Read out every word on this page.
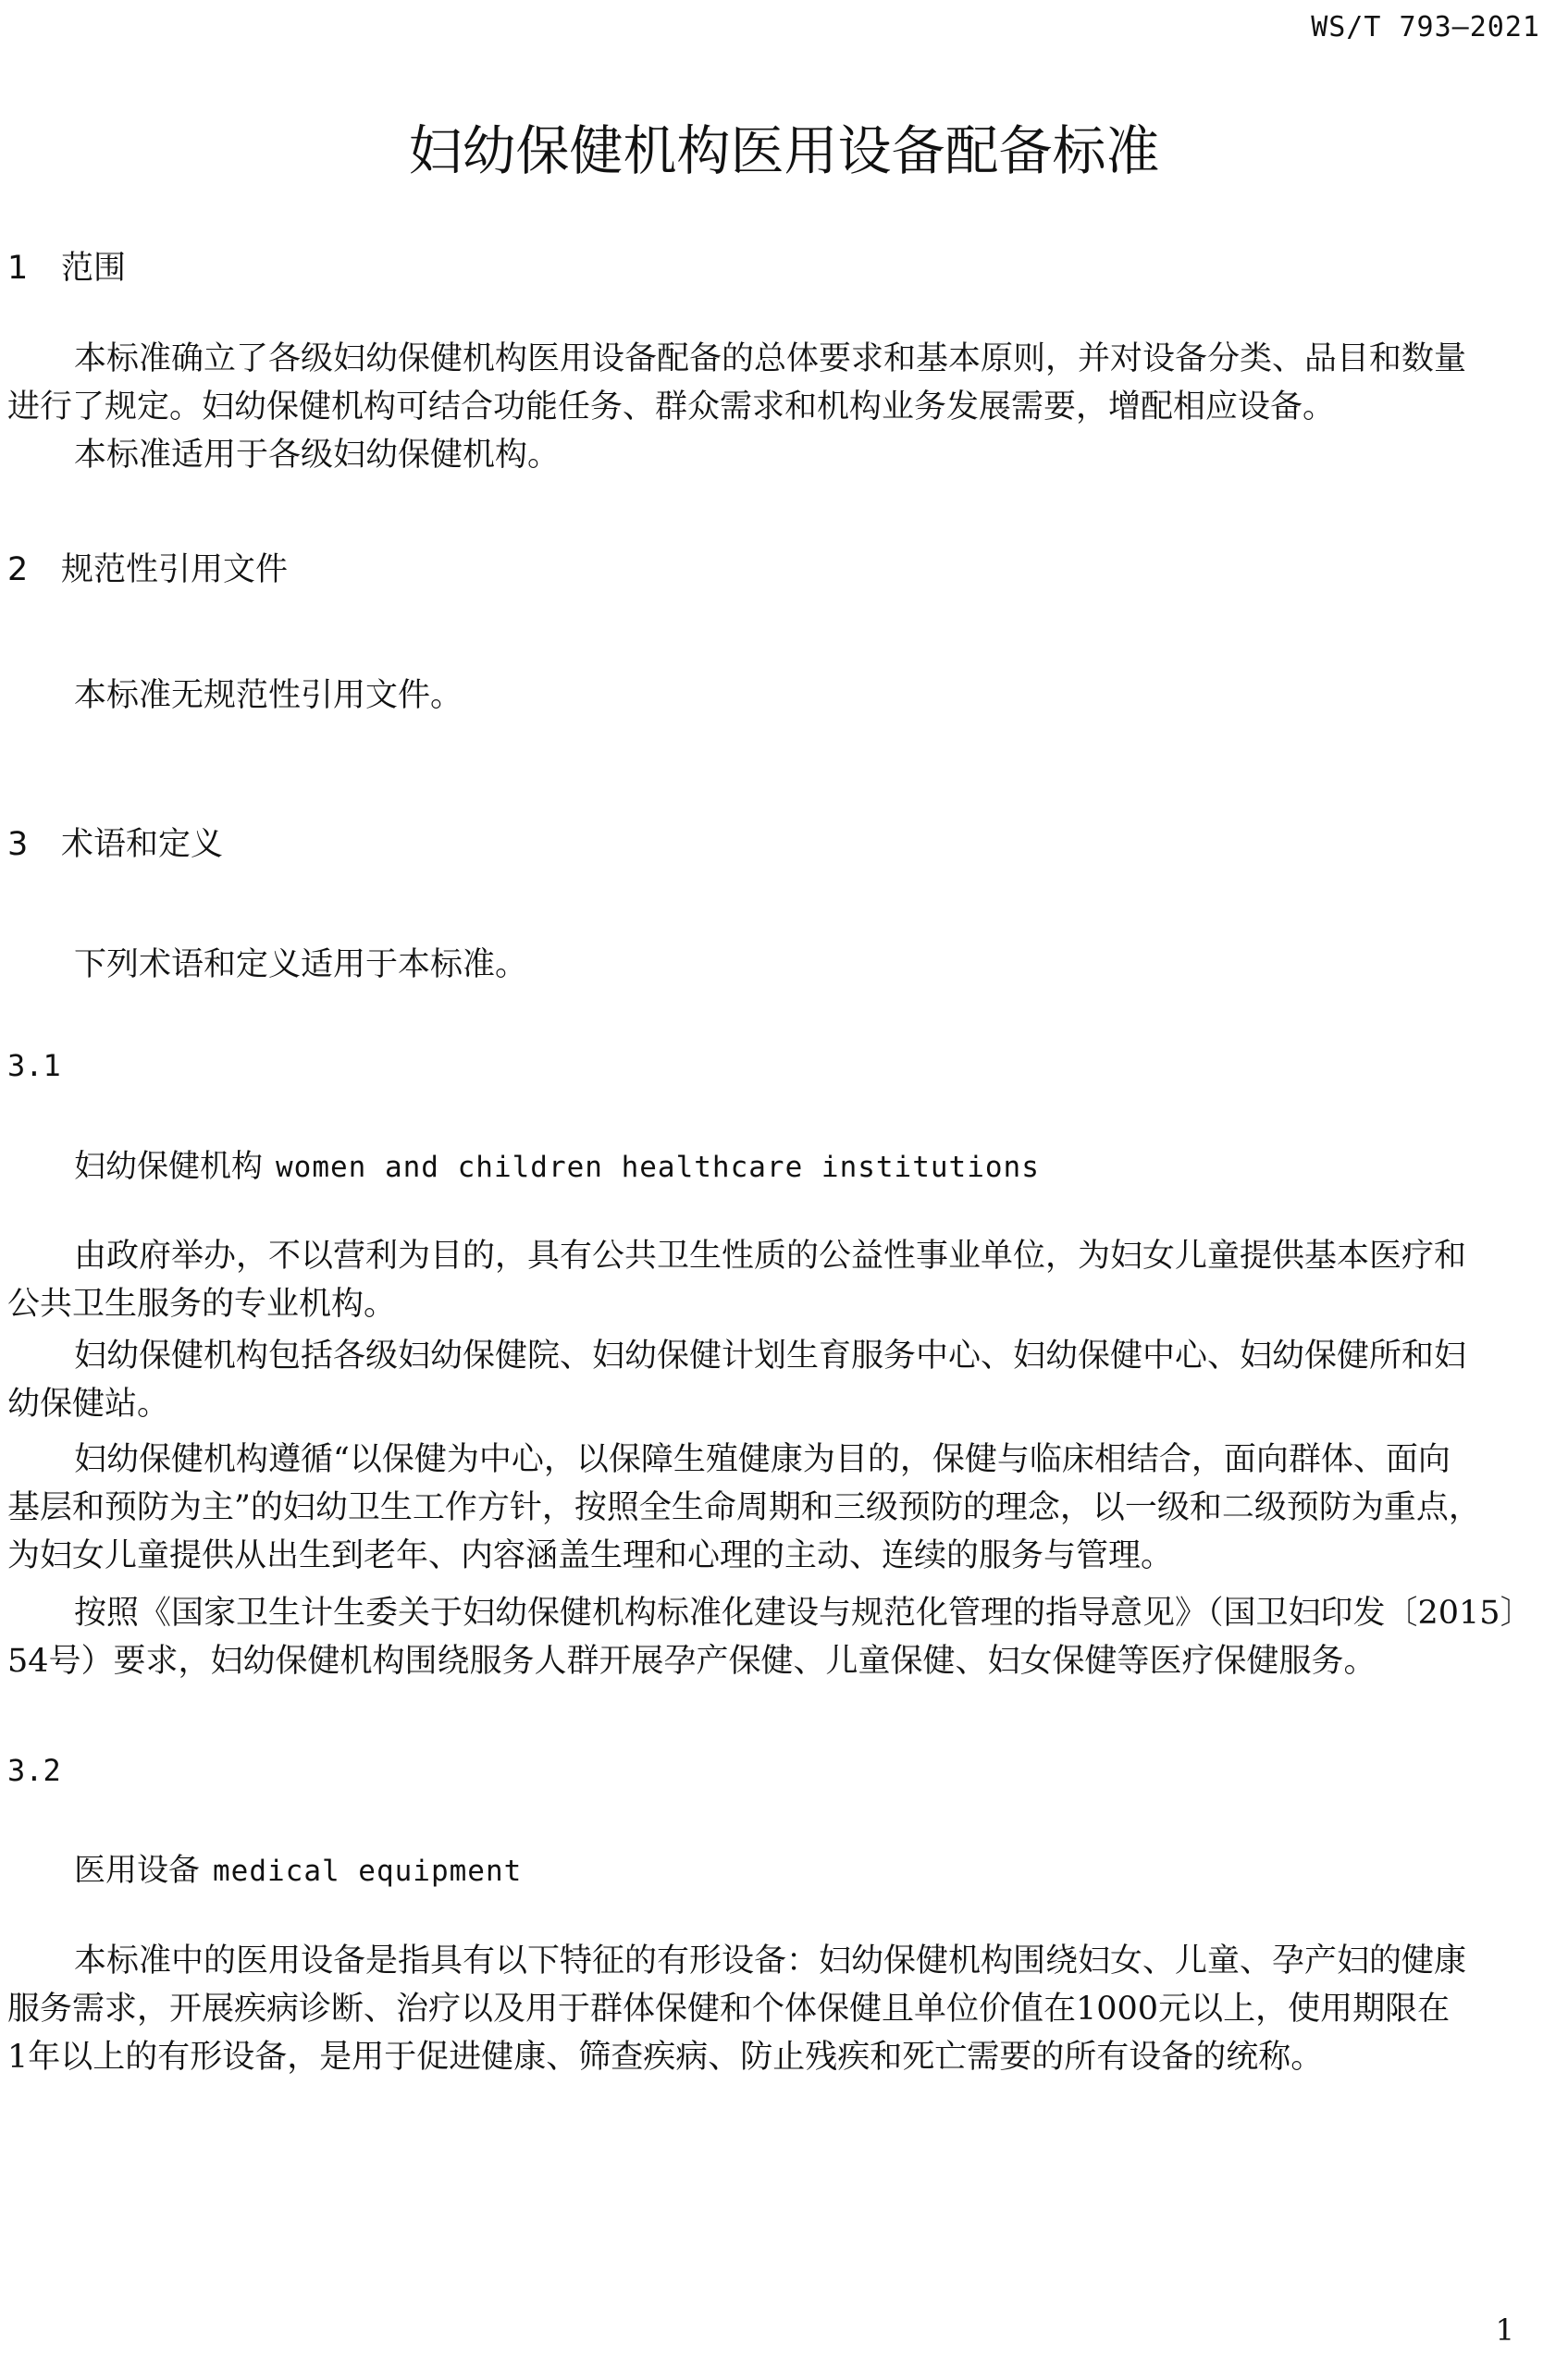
WS/T 793—2021
妇幼保健机构医用设备配备标准
1 范围
本标准确立了各级妇幼保健机构医用设备配备的总体要求和基本原则，并对设备分类、品目和数量
进行了规定。妇幼保健机构可结合功能任务、群众需求和机构业务发展需要，增配相应设备。
本标准适用于各级妇幼保健机构。
2 规范性引用文件
本标准无规范性引用文件。
3 术语和定义
下列术语和定义适用于本标准。
3.1
妇幼保健机构 women and children healthcare institutions
由政府举办，不以营利为目的，具有公共卫生性质的公益性事业单位，为妇女儿童提供基本医疗和
公共卫生服务的专业机构。
妇幼保健机构包括各级妇幼保健院、妇幼保健计划生育服务中心、妇幼保健中心、妇幼保健所和妇
幼保健站。
妇幼保健机构遵循“以保健为中心，以保障生殖健康为目的，保健与临床相结合，面向群体、面向
基层和预防为主”的妇幼卫生工作方针，按照全生命周期和三级预防的理念，以一级和二级预防为重点，
为妇女儿童提供从出生到老年、内容涵盖生理和心理的主动、连续的服务与管理。
按照《国家卫生计生委关于妇幼保健机构标准化建设与规范化管理的指导意见》（国卫妇印发〔2015〕
54号）要求，妇幼保健机构围绕服务人群开展孕产保健、儿童保健、妇女保健等医疗保健服务。
3.2
医用设备 medical equipment
本标准中的医用设备是指具有以下特征的有形设备：妇幼保健机构围绕妇女、儿童、孕产妇的健康
服务需求，开展疾病诊断、治疗以及用于群体保健和个体保健且单位价值在1000元以上，使用期限在
1年以上的有形设备，是用于促进健康、筛查疾病、防止残疾和死亡需要的所有设备的统称。
1
